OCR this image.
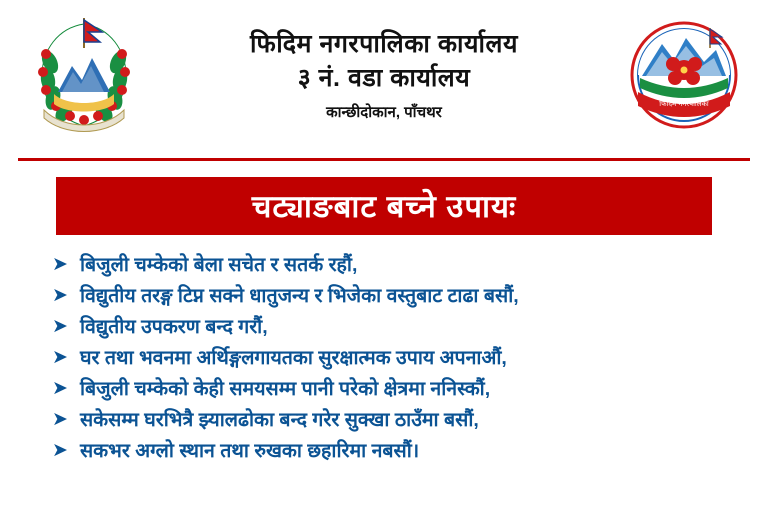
फिदिम नगरपालिका कार्यालय
३ नं. वडा कार्यालय
कान्छीदोकान, पाँचथर	फिदिम नगरपालिका
चट्याङबाट बच्ने उपायः
➤ बिजुली चम्केको बेला सचेत र सतर्क रहौं,
➤ विद्युतीय तरङ्ग टिप्न सक्ने धातुजन्य र भिजेका वस्तुबाट टाढा बसौं,
➤ विद्युतीय उपकरण बन्द गरौं,
➤ घर तथा भवनमा अर्थिङ्गलगायतका सुरक्षात्मक उपाय अपनाऔं,
➤ बिजुली चम्केको केही समयसम्म पानी परेको क्षेत्रमा ननिस्कौं,
➤ सकेसम्म घरभित्रै झ्यालढोका बन्द गरेर सुक्खा ठाउँमा बसौं,
➤ सकभर अग्लो स्थान तथा रुखका छहारिमा नबसौं।
